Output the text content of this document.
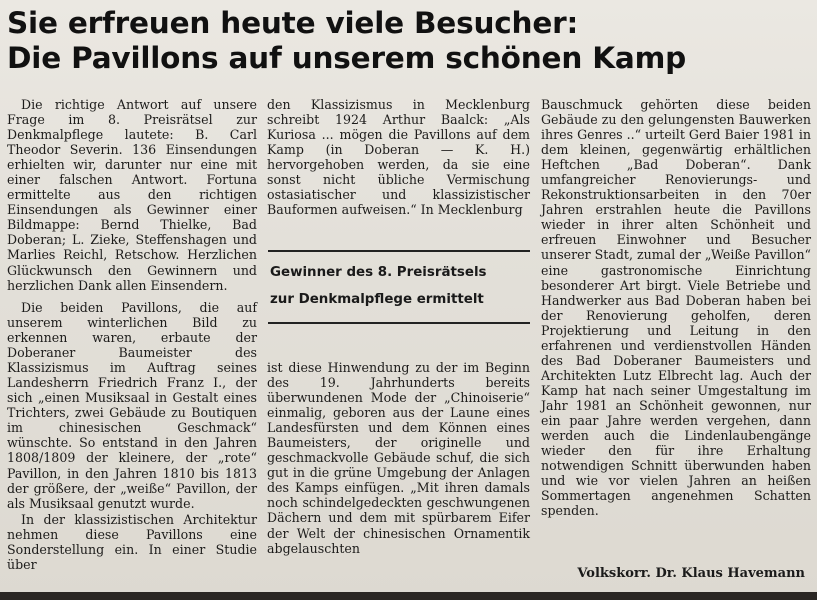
Sie erfreuen heute viele Besucher:
Die Pavillons auf unserem schönen Kamp

Die richtige Antwort auf unsere Frage im 8. Preisrätsel zur Denkmalpflege lautete: B. Carl Theodor Severin. 136 Einsendungen erhielten wir, darunter nur eine mit einer falschen Antwort. Fortuna ermittelte aus den richtigen Einsendungen als Gewinner einer Bildmappe: Bernd Thielke, Bad Doberan; L. Zieke, Steffenshagen und Marlies Reichl, Retschow. Herzlichen Glückwunsch den Gewinnern und herzlichen Dank allen Einsendern.

Die beiden Pavillons, die auf unserem winterlichen Bild zu erkennen waren, erbaute der Doberaner Baumeister des Klassizismus im Auftrag seines Landesherrn Friedrich Franz I., der sich „einen Musiksaal in Gestalt eines Trichters, zwei Gebäude zu Boutiquen im chinesischen Geschmack“ wünschte. So entstand in den Jahren 1808/1809 der kleinere, der „rote“ Pavillon, in den Jahren 1810 bis 1813 der größere, der „weiße“ Pavillon, der als Musiksaal genutzt wurde.

In der klassizistischen Architektur nehmen diese Pavillons eine Sonderstellung ein. In einer Studie über

den Klassizismus in Mecklenburg schreibt 1924 Arthur Baalck: „Als Kuriosa ... mögen die Pavillons auf dem Kamp (in Doberan — K. H.) hervorgehoben werden, da sie eine sonst nicht übliche Vermischung ostasiatischer und klassizistischer Bauformen aufweisen.“ In Mecklenburg

Gewinner des 8. Preisrätsels
zur Denkmalpflege ermittelt

ist diese Hinwendung zu der im Beginn des 19. Jahrhunderts bereits überwundenen Mode der „Chinoiserie“ einmalig, geboren aus der Laune eines Landesfürsten und dem Können eines Baumeisters, der originelle und geschmackvolle Gebäude schuf, die sich gut in die grüne Umgebung der Anlagen des Kamps einfügen. „Mit ihren damals noch schindelgedeckten geschwungenen Dächern und dem mit spürbarem Eifer der Welt der chinesischen Ornamentik abgelauschten

Bauschmuck gehörten diese beiden Gebäude zu den gelungensten Bauwerken ihres Genres ..“ urteilt Gerd Baier 1981 in dem kleinen, gegenwärtig erhältlichen Heftchen „Bad Doberan“. Dank umfangreicher Renovierungs- und Rekonstruktionsarbeiten in den 70er Jahren erstrahlen heute die Pavillons wieder in ihrer alten Schönheit und erfreuen Einwohner und Besucher unserer Stadt, zumal der „Weiße Pavillon“ eine gastronomische Einrichtung besonderer Art birgt. Viele Betriebe und Handwerker aus Bad Doberan haben bei der Renovierung geholfen, deren Projektierung und Leitung in den erfahrenen und verdienstvollen Händen des Bad Doberaner Baumeisters und Architekten Lutz Elbrecht lag. Auch der Kamp hat nach seiner Umgestaltung im Jahr 1981 an Schönheit gewonnen, nur ein paar Jahre werden vergehen, dann werden auch die Lindenlaubengänge wieder den für ihre Erhaltung notwendigen Schnitt überwunden haben und wie vor vielen Jahren an heißen Sommertagen angenehmen Schatten spenden.

Volkskorr. Dr. Klaus Havemann
